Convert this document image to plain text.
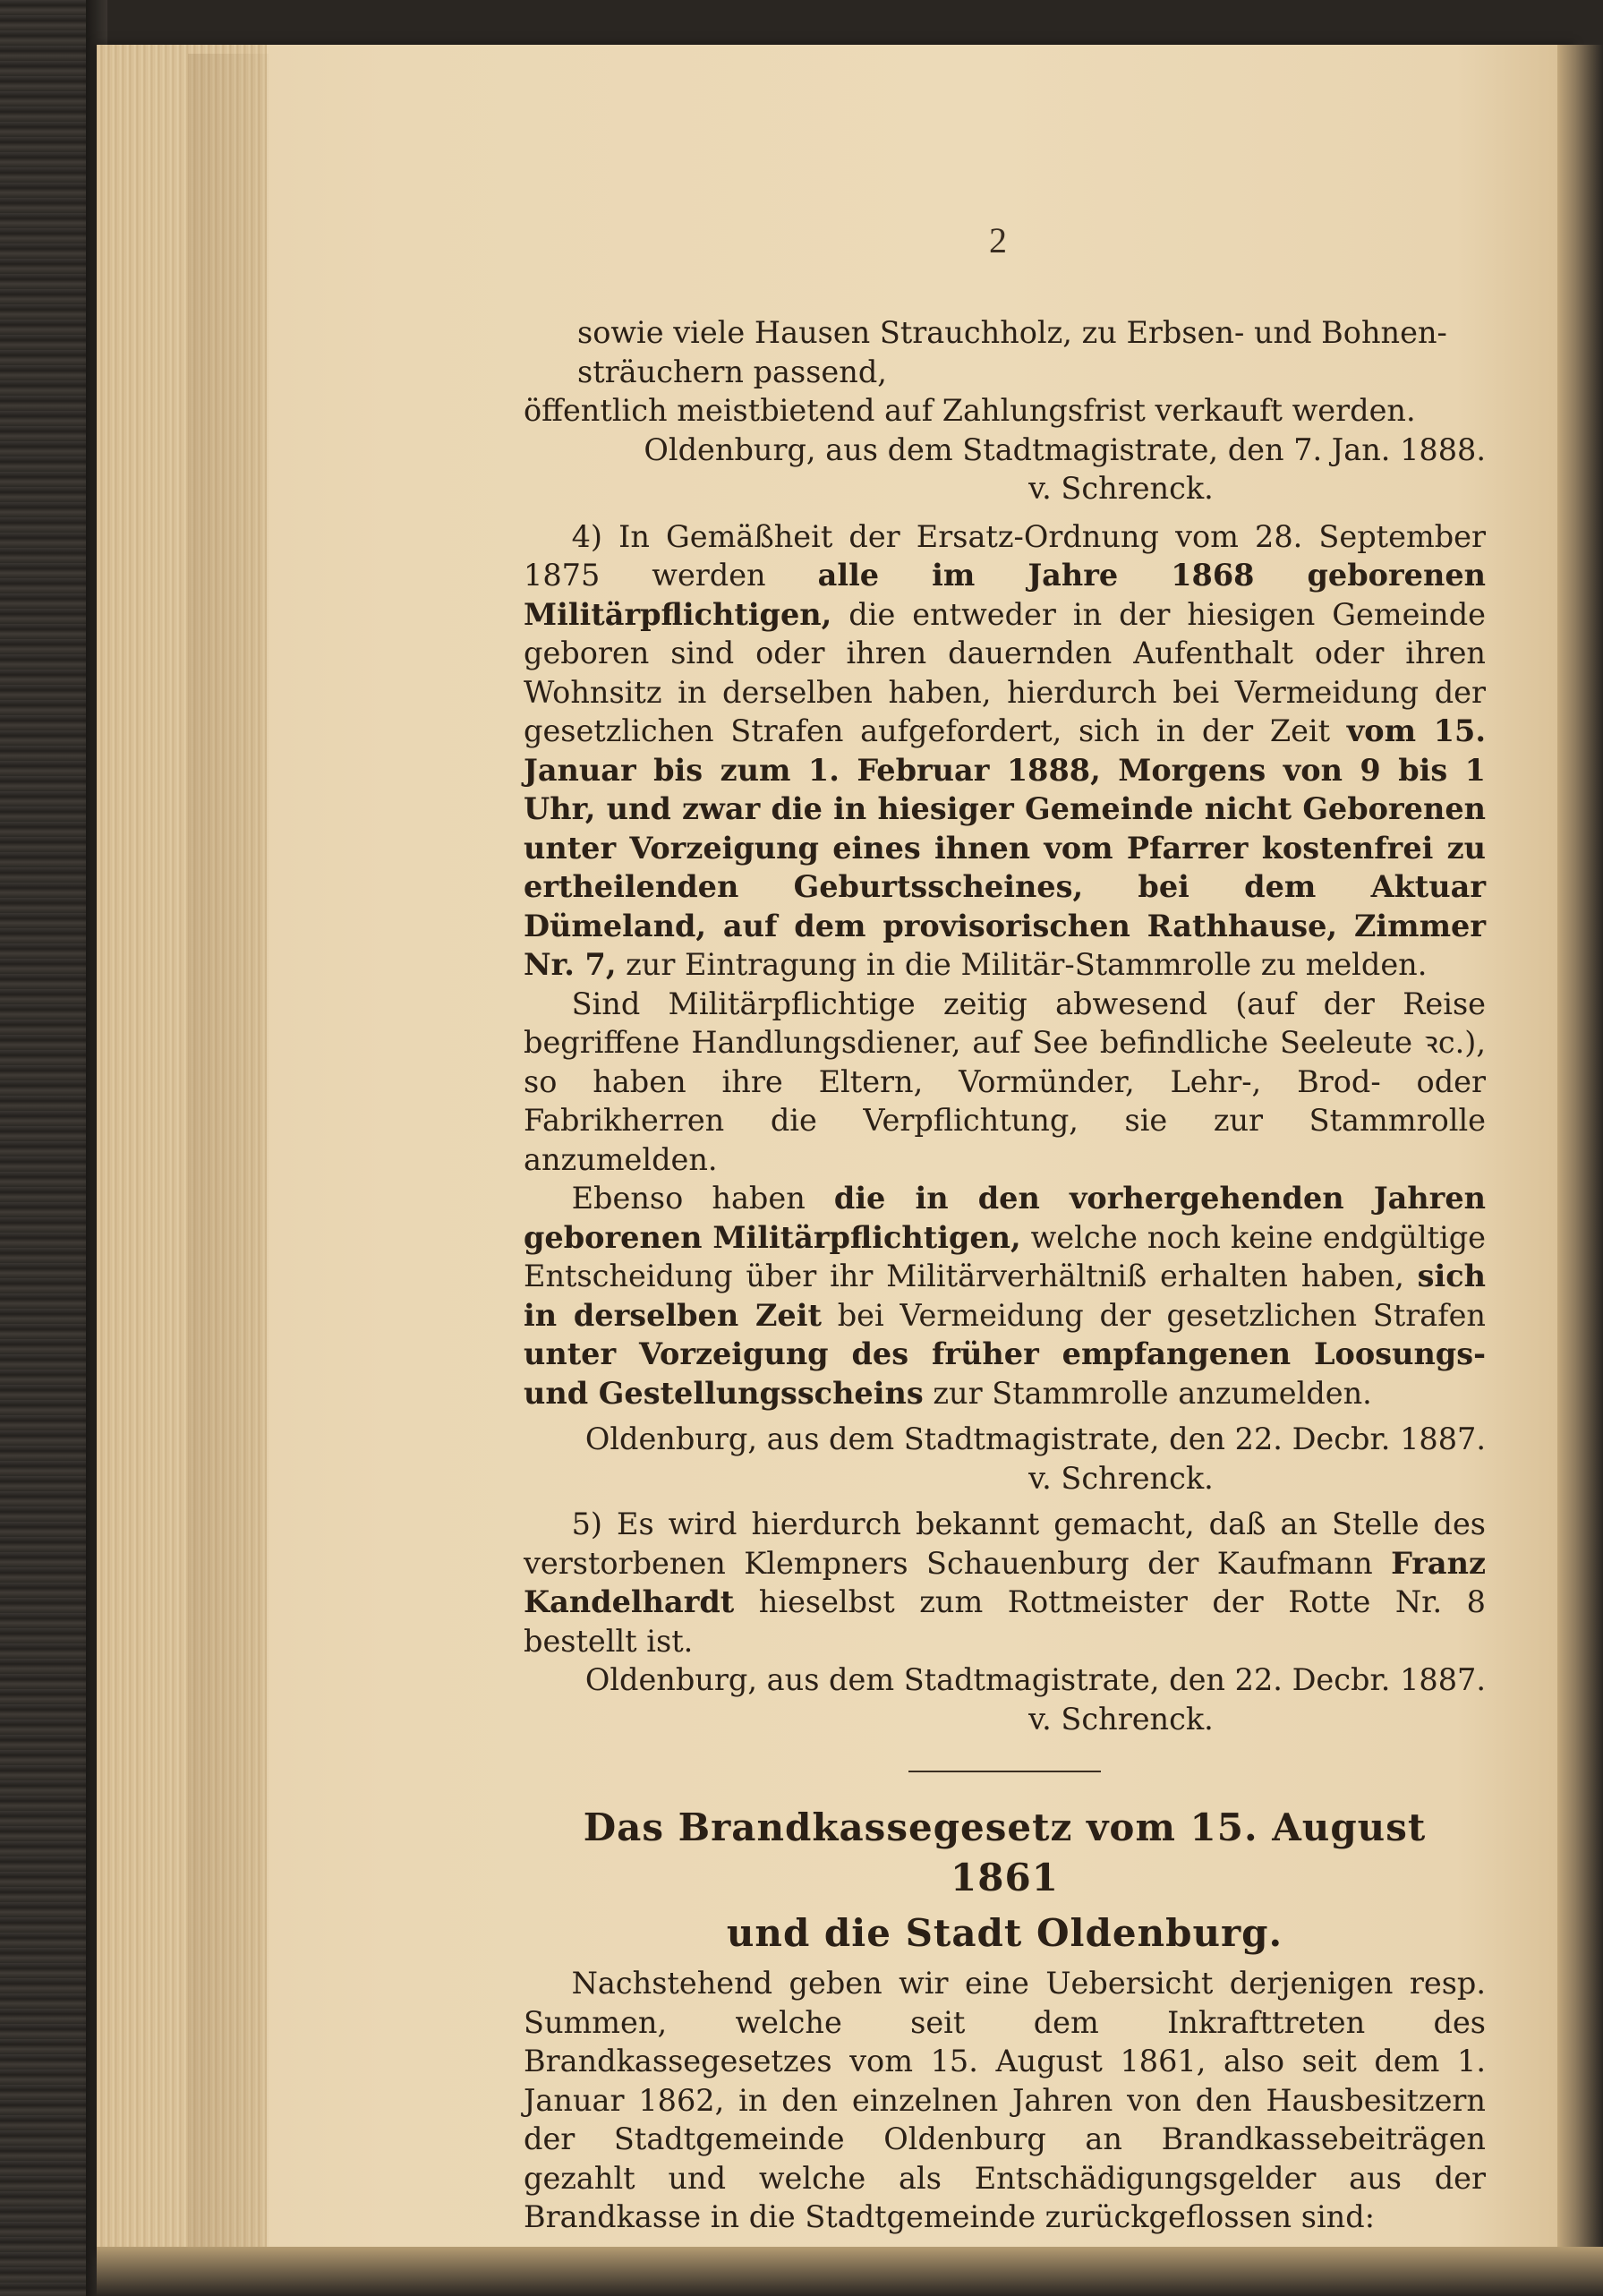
2

sowie viele Hausen Strauchholz, zu Erbsen- und Bohnen-

sträuchern passend,

öffentlich meistbietend auf Zahlungsfrist verkauft werden.

Oldenburg, aus dem Stadtmagistrate, den 7. Jan. 1888.

v. Schrenck.

4) In Gemäßheit der Ersatz-Ordnung vom 28. September 1875 werden alle im Jahre 1868 geborenen Militärpflichtigen, die entweder in der hiesigen Gemeinde geboren sind oder ihren dauernden Aufenthalt oder ihren Wohnsitz in derselben haben, hierdurch bei Vermeidung der gesetzlichen Strafen aufgefordert, sich in der Zeit vom 15. Januar bis zum 1. Februar 1888, Morgens von 9 bis 1 Uhr, und zwar die in hiesiger Gemeinde nicht Geborenen unter Vorzeigung eines ihnen vom Pfarrer kostenfrei zu ertheilenden Geburtsscheines, bei dem Aktuar Dümeland, auf dem provisorischen Rathhause, Zimmer Nr. 7, zur Eintragung in die Militär-Stammrolle zu melden.

Sind Militärpflichtige zeitig abwesend (auf der Reise begriffene Handlungsdiener, auf See befindliche Seeleute ꝛc.), so haben ihre Eltern, Vormünder, Lehr-, Brod- oder Fabrikherren die Verpflichtung, sie zur Stammrolle anzumelden.

Ebenso haben die in den vorhergehenden Jahren geborenen Militärpflichtigen, welche noch keine endgültige Entscheidung über ihr Militärverhältniß erhalten haben, sich in derselben Zeit bei Vermeidung der gesetzlichen Strafen unter Vorzeigung des früher empfangenen Loosungs- und Gestellungsscheins zur Stammrolle anzumelden.

Oldenburg, aus dem Stadtmagistrate, den 22. Decbr. 1887.

v. Schrenck.

5) Es wird hierdurch bekannt gemacht, daß an Stelle des verstorbenen Klempners Schauenburg der Kaufmann Franz Kandelhardt hieselbst zum Rottmeister der Rotte Nr. 8 bestellt ist.

Oldenburg, aus dem Stadtmagistrate, den 22. Decbr. 1887.

v. Schrenck.

Das Brandkassegesetz vom 15. August 1861
und die Stadt Oldenburg.

Nachstehend geben wir eine Uebersicht derjenigen resp. Summen, welche seit dem Inkrafttreten des Brandkassegesetzes vom 15. August 1861, also seit dem 1. Januar 1862, in den einzelnen Jahren von den Hausbesitzern der Stadtgemeinde Oldenburg an Brandkassebeiträgen gezahlt und welche als Entschädigungsgelder aus der Brandkasse in die Stadtgemeinde zurückgeflossen sind:
